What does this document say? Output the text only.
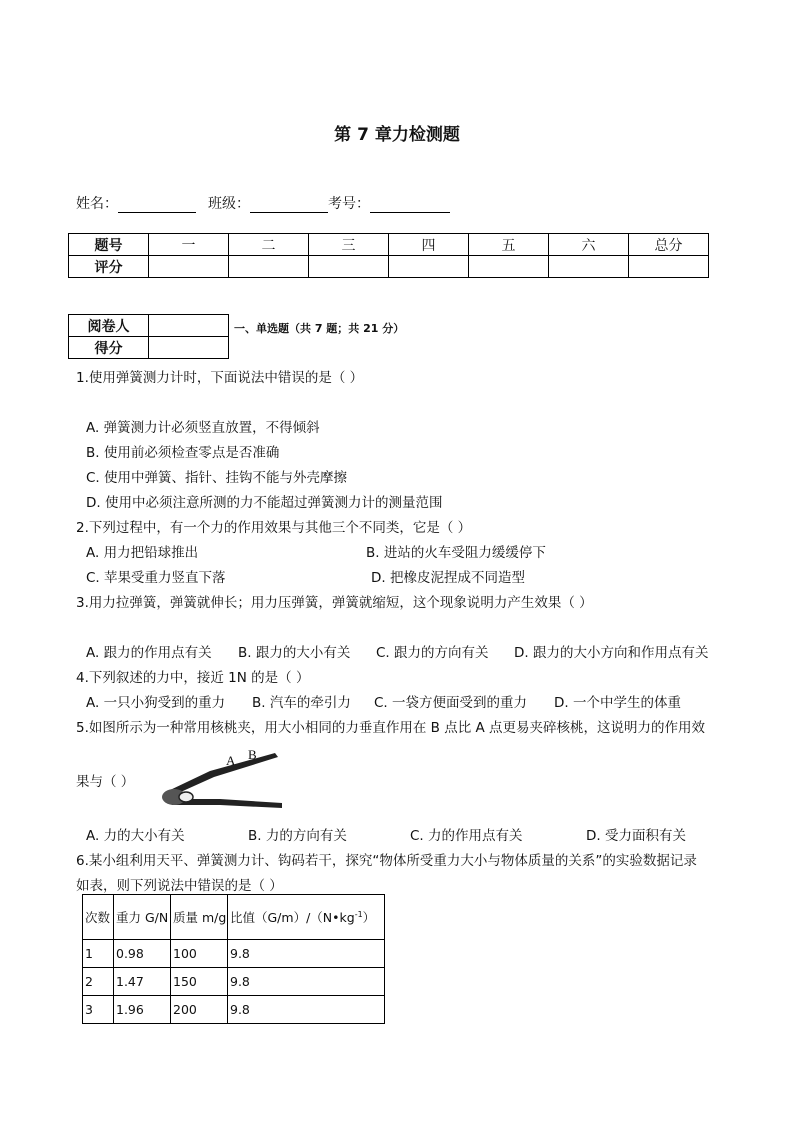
第 7 章力检测题
姓名：	班级：	考号：
题号	一	二	三	四	五	六	总分
评分							
阅卷人	
得分	
一、单选题（共 7 题；共 21 分）
1.使用弹簧测力计时，下面说法中错误的是（ ）
A. 弹簧测力计必须竖直放置，不得倾斜
B. 使用前必须检查零点是否准确
C. 使用中弹簧、指针、挂钩不能与外壳摩擦
D. 使用中必须注意所测的力不能超过弹簧测力计的测量范围
2.下列过程中，有一个力的作用效果与其他三个不同类，它是（ ）
A. 用力把铅球推出	B. 进站的火车受阻力缓缓停下
C. 苹果受重力竖直下落	D. 把橡皮泥捏成不同造型
3.用力拉弹簧，弹簧就伸长；用力压弹簧，弹簧就缩短，这个现象说明力产生效果（ ）
A. 跟力的作用点有关 B. 跟力的大小有关 C. 跟力的方向有关 D. 跟力的大小方向和作用点有关
4.下列叙述的力中，接近 1N 的是（ ）
A. 一只小狗受到的重力 B. 汽车的牵引力 C. 一袋方便面受到的重力 D. 一个中学生的体重
5.如图所示为一种常用核桃夹，用大小相同的力垂直作用在 B 点比 A 点更易夹碎核桃，这说明力的作用效
果与（ ）
A B
A. 力的大小有关	B. 力的方向有关	C. 力的作用点有关	D. 受力面积有关
6.某小组利用天平、弹簧测力计、钩码若干，探究“物体所受重力大小与物体质量的关系”的实验数据记录
如表，则下列说法中错误的是（ ）
次数	重力 G/N	质量 m/g	比值$(G/m)/(N•kg^{-1})$
1	0.98	100	9.8
2	1.47	150	9.8
3	1.96	200	9.8
